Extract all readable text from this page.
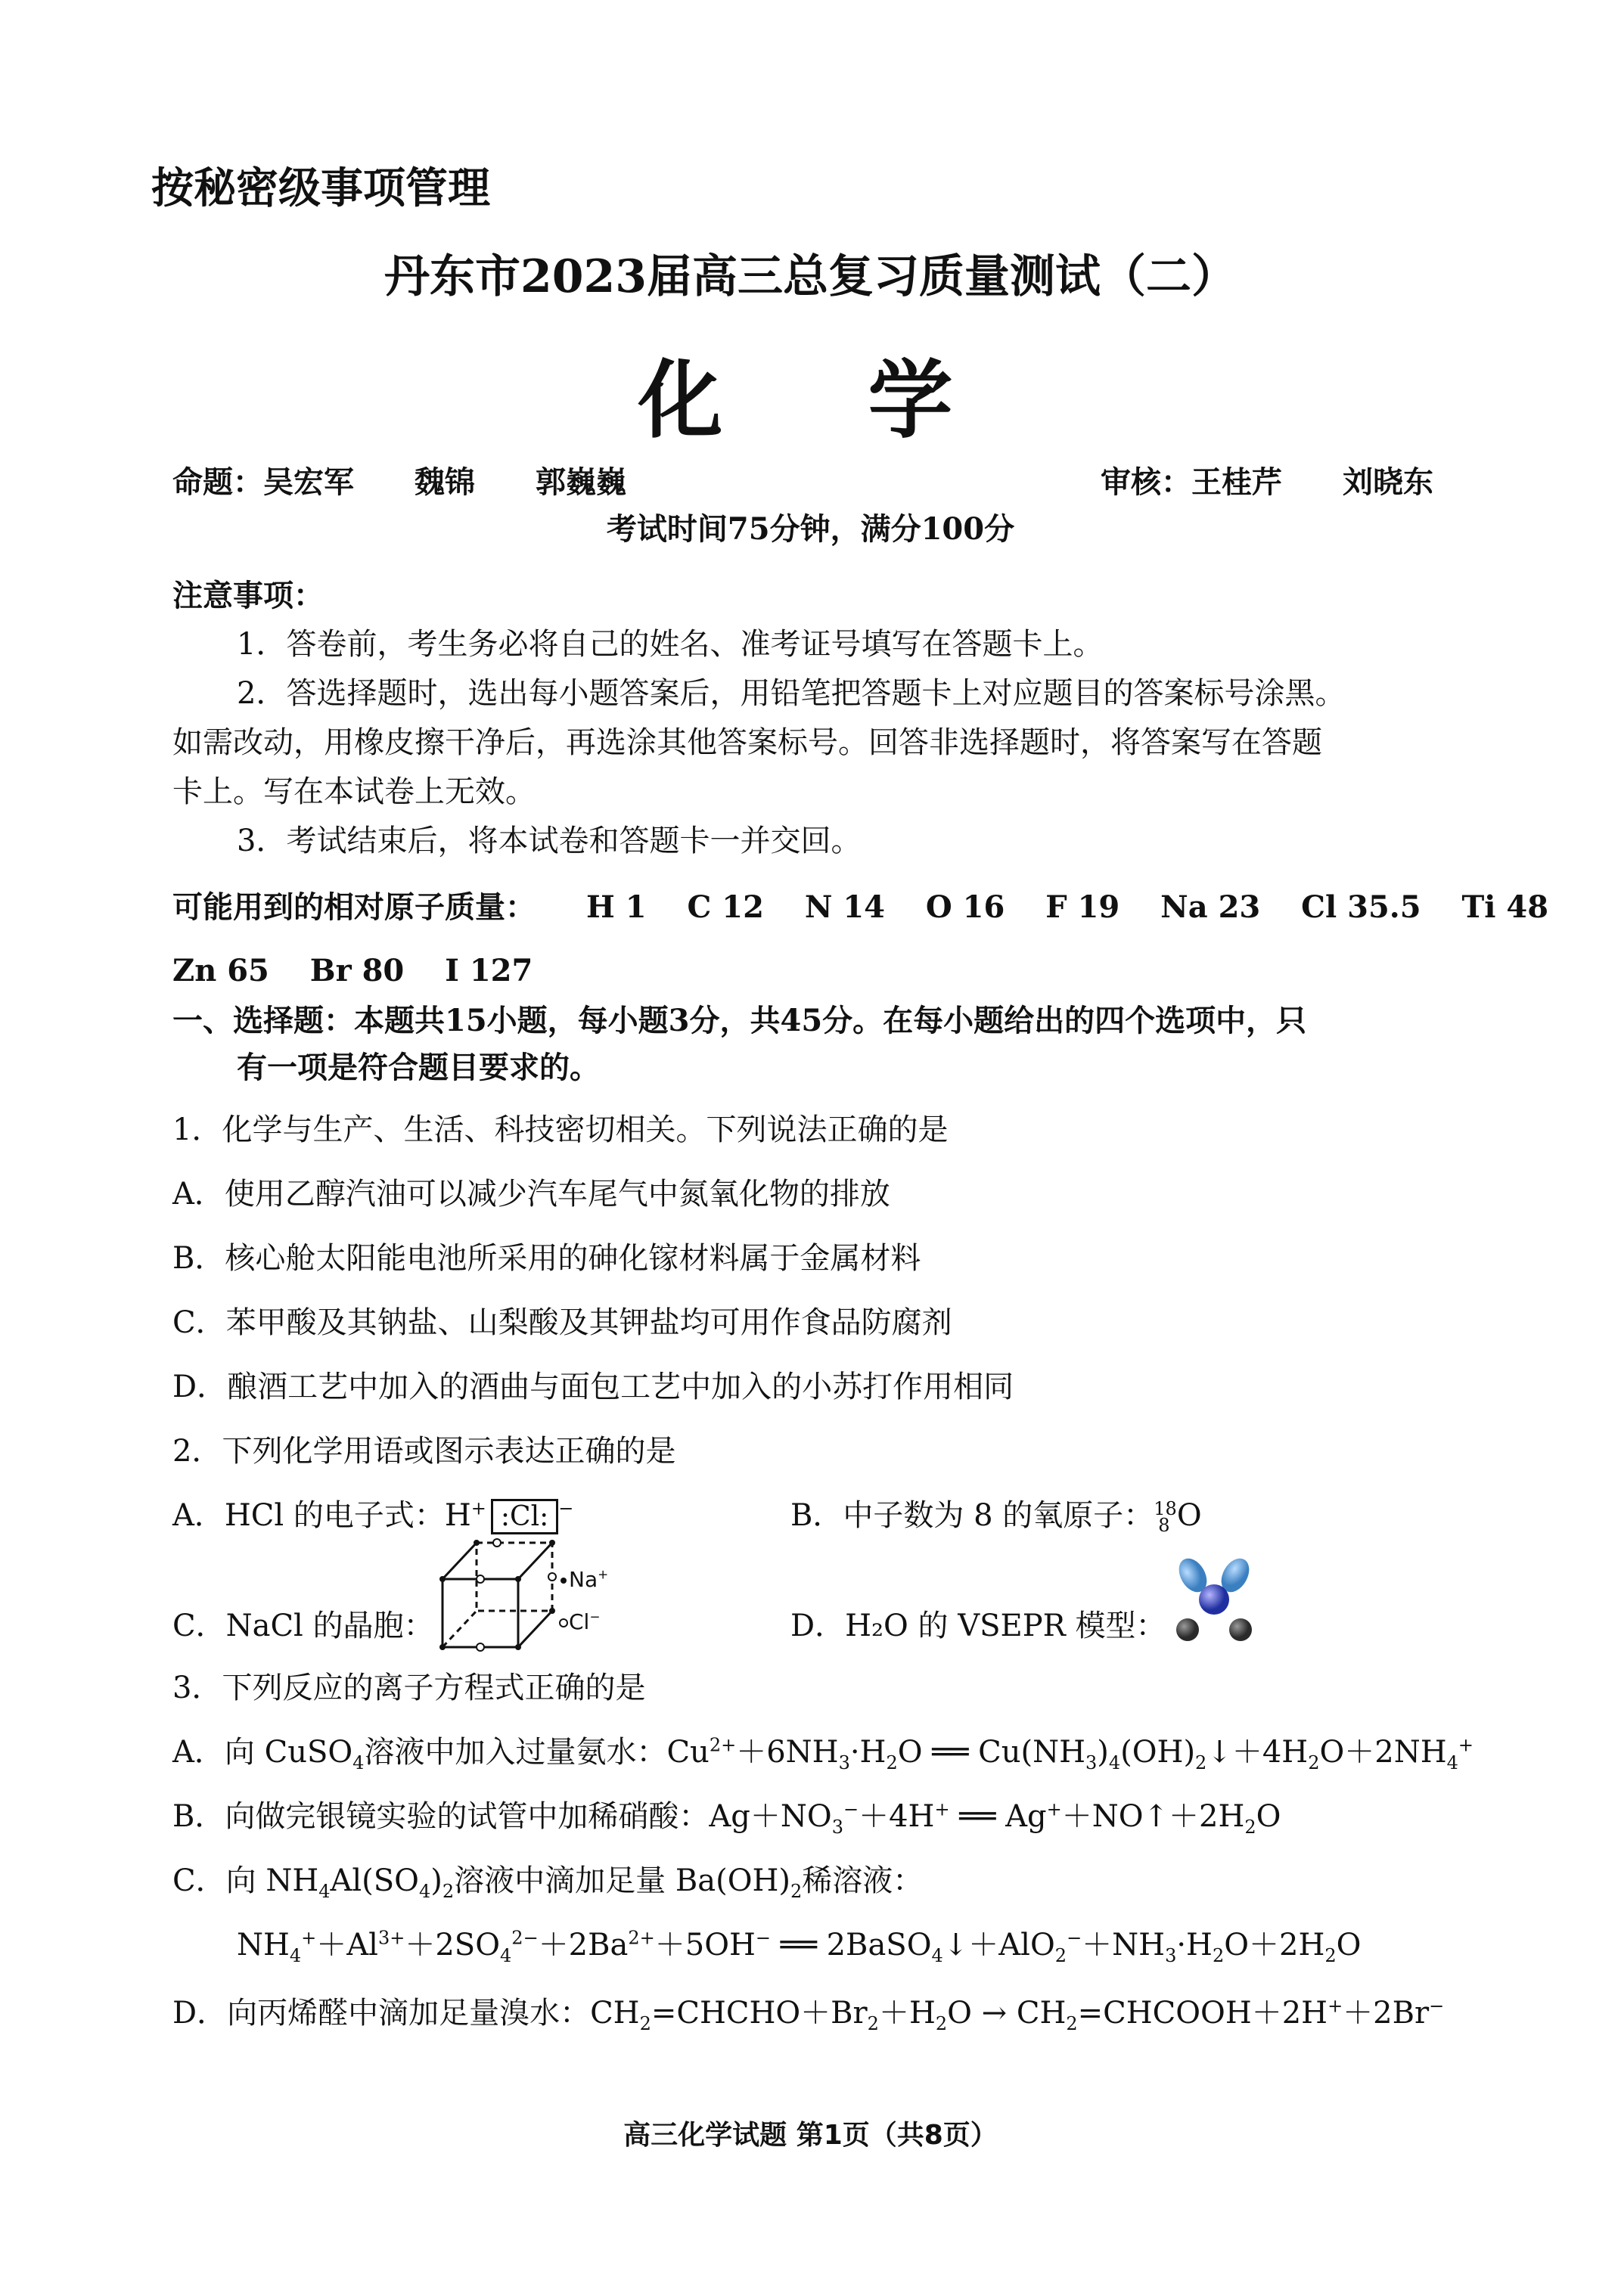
按秘密级事项管理
丹东市2023届高三总复习质量测试（二）
化　学
命题：吴宏军　　魏锦　　郭巍巍	审核：王桂芹　　刘晓东
考试时间75分钟，满分100分
注意事项：
1．答卷前，考生务必将自己的姓名、准考证号填写在答题卡上。
2．答选择题时，选出每小题答案后，用铅笔把答题卡上对应题目的答案标号涂黑。
如需改动，用橡皮擦干净后，再选涂其他答案标号。回答非选择题时，将答案写在答题
卡上。写在本试卷上无效。
3．考试结束后，将本试卷和答题卡一并交回。
可能用到的相对原子质量： H 1　 C 12　 N 14　 O 16　 F 19　 Na 23　 Cl 35.5　 Ti 48
Zn 65　 Br 80　 I 127
一、选择题：本题共15小题，每小题3分，共45分。在每小题给出的四个选项中，只
有一项是符合题目要求的。
1．化学与生产、生活、科技密切相关。下列说法正确的是
A．使用乙醇汽油可以减少汽车尾气中氮氧化物的排放
B．核心舱太阳能电池所采用的砷化镓材料属于金属材料
C．苯甲酸及其钠盐、山梨酸及其钾盐均可用作食品防腐剂
D．酿酒工艺中加入的酒曲与面包工艺中加入的小苏打作用相同
2．下列化学用语或图示表达正确的是
A．HCl 的电子式：H+ :Cl: −	B．中子数为 8 的氧原子：18
8 O
C．NaCl 的晶胞：
Na+
Cl−	D．H₂O 的 VSEPR 模型：
3．下列反应的离子方程式正确的是
A．向 CuSO$_4$溶液中加入过量氨水：$Cu^{2+}+6NH_3\cdot H_2O$ ══ $Cu(NH_3)_4(OH)_2↓+4H_2O+2NH_4^+$
B．向做完银镜实验的试管中加稀硝酸：$Ag+NO_3^-+4H^+$ ══ $Ag^++NO↑+2H_2O$
C．向 $NH_4Al(SO_4)_2$溶液中滴加足量 $Ba(OH)_2$稀溶液：
$NH_4^++Al^{3+}+2SO_4^{2-}+2Ba^{2+}+5OH^-$ ══ $2BaSO_4↓+AlO_2^-+NH_3\cdot H_2O+2H_2O$
D．向丙烯醛中滴加足量溴水：$CH_2=CHCHO+Br_2+H_2O$ → $CH_2=CHCOOH+2H^++2Br^-$
高三化学试题 第1页（共8页）
